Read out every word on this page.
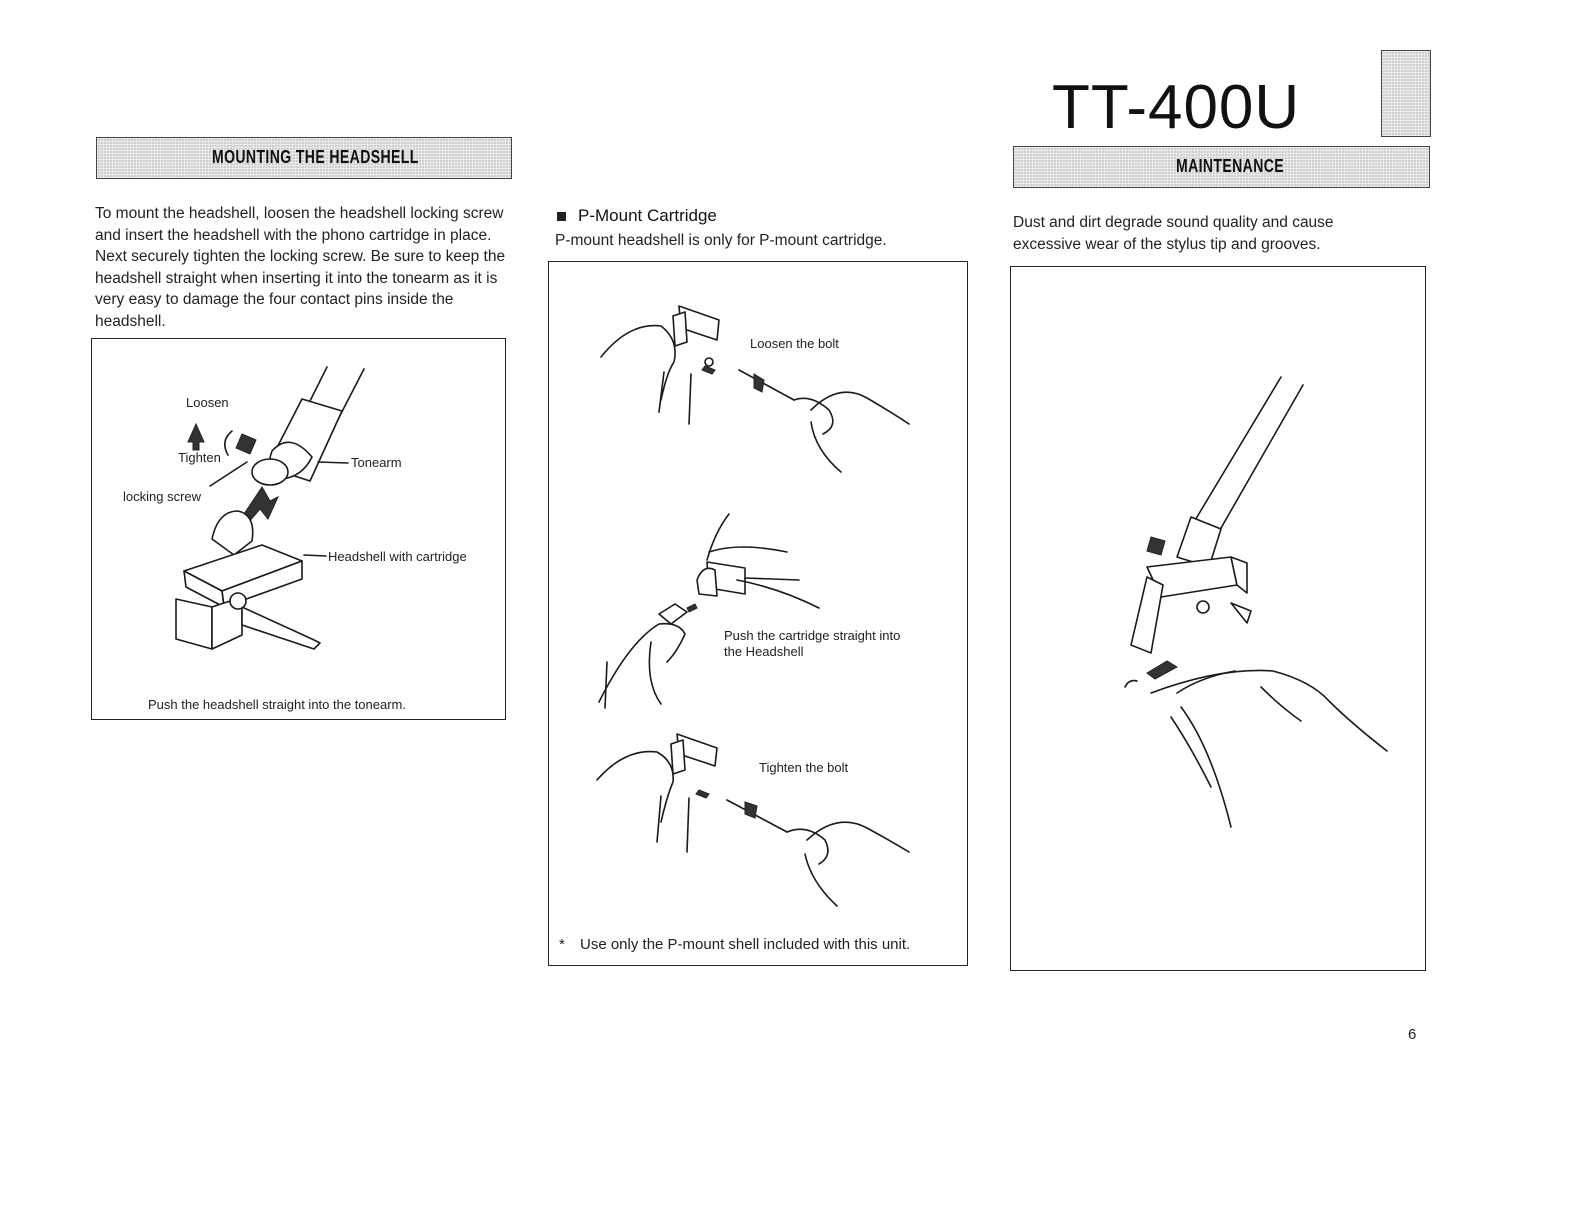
MOUNTING THE HEADSHELL

To mount the headshell, loosen the headshell locking screw and insert the headshell with the phono cartridge in place. Next securely tighten the locking screw. Be sure to keep the headshell straight when inserting it into the tonearm as it is very easy to damage the four contact pins inside the headshell.

Loosen
Tighten
locking screw
Tonearm
Headshell with cartridge
Push the headshell straight into the tonearm.
P-Mount Cartridge
P-mount headshell is only for P-mount cartridge.
Loosen the bolt
Push the cartridge straight into the Headshell
Tighten the bolt
* Use only the P-mount shell included with this unit.
TT-400U
MAINTENANCE

Dust and dirt degrade sound quality and cause excessive wear of the stylus tip and grooves.

6
